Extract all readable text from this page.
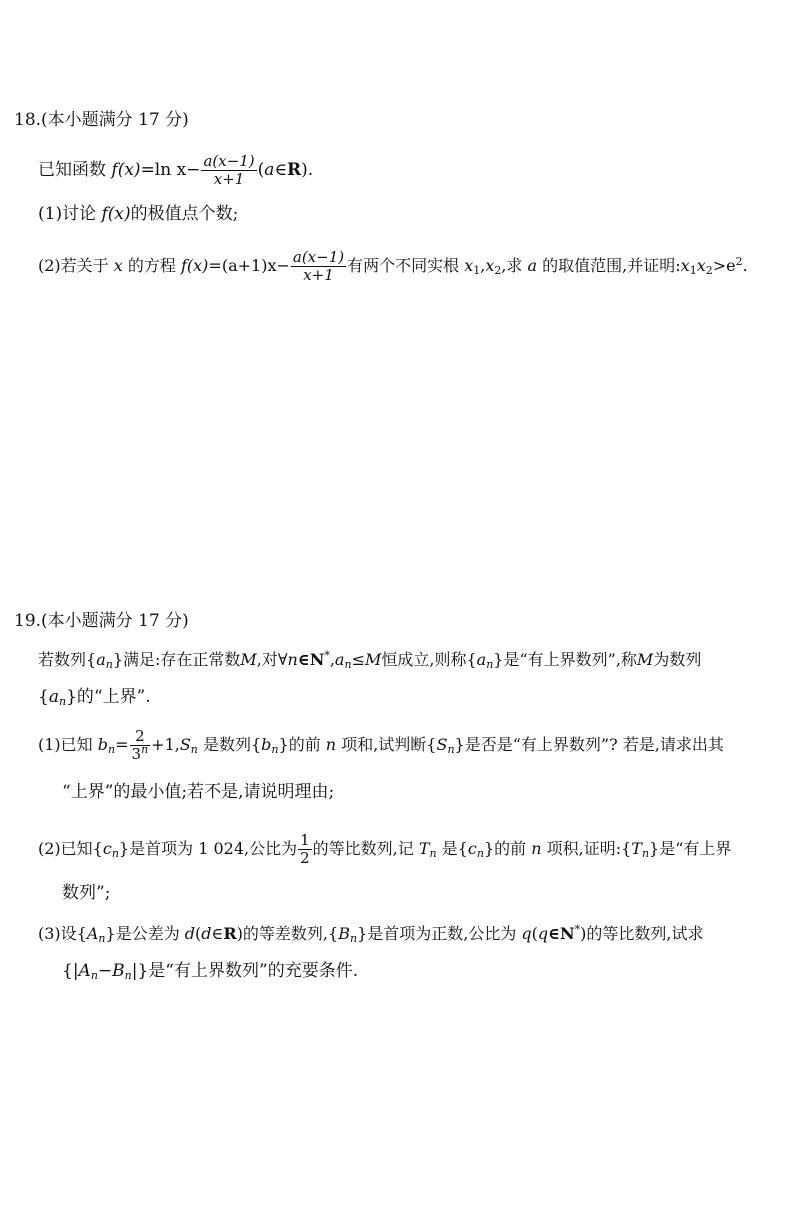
18.(本小题满分 17 分)
已知函数 f(x)=ln $x- \frac{a(x-1)}{x+1}$ (a∈R).
(1)讨论 f(x)的极值点个数;
(2)若关于 x 的方程 $f(x)=(a+1)x- \frac{a(x-1)}{x+1}$ 有两个不同实根 $x_1,x_2$,求 a 的取值范围,并证明$:x_1x_2>e^2$.
19.(本小题满分 17 分)
若数列$\{a_n\}$满足:存在正常数M,对$\forall n\in N^*,a_n\le M$恒成立,则称$\{a_n\}$是“有上界数列”,称M为数列
$\{a_n\}$的“上界”.
(1)已知 $b_n= \frac{2}{3^n} +1,S_n$ 是数列$\{b_n\}$的前 n 项和,试判断$\{S_n\}$是否是“有上界数列”? 若是,请求出其
“上界”的最小值;若不是,请说明理由;
(2)已知$\{c_n\}$是首项为 1 024,公比为 $\frac{1}{2}$ 的等比数列,记 $T_n$ 是$\{c_n\}$的前 n 项积,证明$:\{T_n\}$是“有上界
数列”;
(3)设$\{A_n\}$是公差为 d(d∈R)的等差数列$,\{B_n\}$是首项为正数,公比为 q(q∈N*)的等比数列,试求
$\{|A_n-B_n|\}$是“有上界数列”的充要条件.
